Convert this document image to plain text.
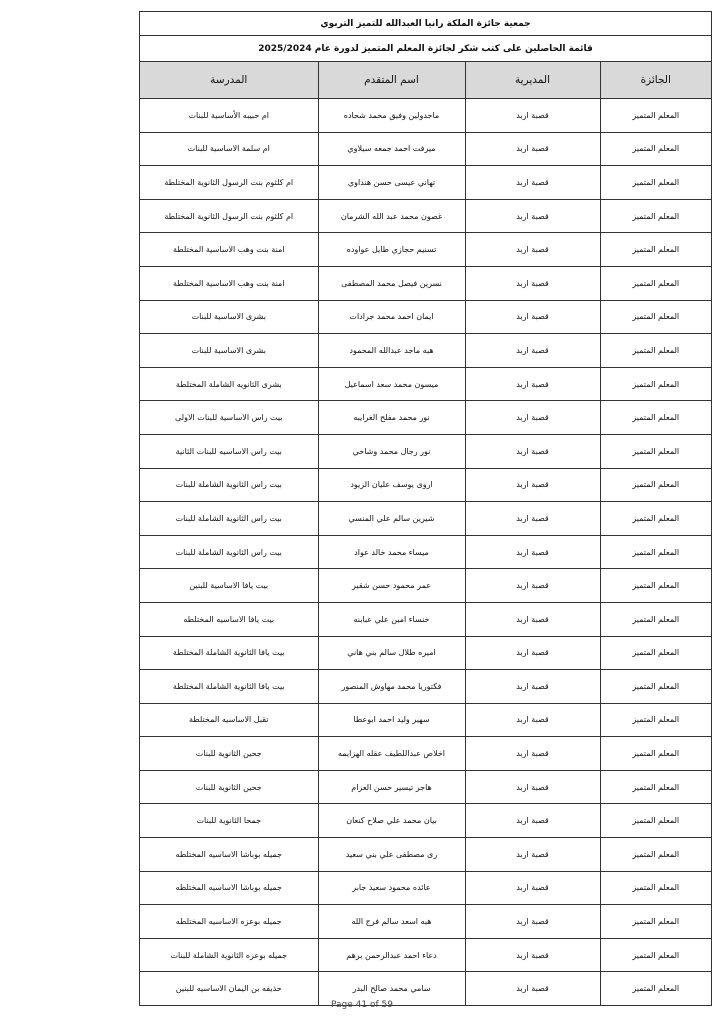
جمعية جائزة الملكة رانيا العبدالله للتميز التربوي
قائمة الحاصلين على كتب شكر لجائزة المعلم المتميز لدورة عام 2025/2024
الجائزة	المديرية	اسم المتقدم	المدرسة
المعلم المتميز	قصبة اربد	ماجدولين وفيق محمد شحاده	ام حبيبه الأساسية للبنات
المعلم المتميز	قصبة اربد	ميرفت احمد جمعه سيلاوي	ام سلمة الاساسية للبنات
المعلم المتميز	قصبة اربد	تهاني عيسى حسن هنداوي	ام كلثوم بنت الرسول الثانوية المختلطة
المعلم المتميز	قصبة اربد	غصون محمد عبد الله الشرمان	ام كلثوم بنت الرسول الثانوية المختلطة
المعلم المتميز	قصبة اربد	تسنيم حجازي طايل عواوده	امنة بنت وهب الاساسية المختلطة
المعلم المتميز	قصبة اربد	نسرين فيصل محمد المصطفى	امنة بنت وهب الاساسية المختلطة
المعلم المتميز	قصبة اربد	ايمان احمد محمد جرادات	بشرى الاساسية للبنات
المعلم المتميز	قصبة اربد	هبه ماجد عبدالله المحمود	بشرى الاساسية للبنات
المعلم المتميز	قصبة اربد	ميسون محمد سعد اسماعيل	بشرى الثانويه الشاملة المختلطة
المعلم المتميز	قصبة اربد	نور محمد مفلح الغرايبه	بيت راس الاساسية للبنات الاولى
المعلم المتميز	قصبة اربد	نور رجال محمد وشاحي	بيت راس الاساسيه للبنات الثانية
المعلم المتميز	قصبة اربد	اروى يوسف عليان الزيود	بيت راس الثانوية الشاملة للبنات
المعلم المتميز	قصبة اربد	شيرين سالم علي المنسي	بيت راس الثانوية الشاملة للبنات
المعلم المتميز	قصبة اربد	ميساء محمد خالد عواد	بيت راس الثانوية الشاملة للبنات
المعلم المتميز	قصبة اربد	عمر محمود حسن شقير	بيت يافا الاساسية للبنين
المعلم المتميز	قصبة اربد	خنساء امين علي عبابنه	بيت يافا الاساسيه المختلطه
المعلم المتميز	قصبة اربد	اميره طلال سالم بني هاني	بيت يافا الثانوية الشاملة المختلطة
المعلم المتميز	قصبة اربد	فكتوريا محمد مهاوش المنصور	بيت يافا الثانوية الشاملة المختلطة
المعلم المتميز	قصبة اربد	سهير وليد احمد ابوعطا	تقبل الاساسيه المختلطة
المعلم المتميز	قصبة اربد	اخلاص عبداللطيف عقله الهزايمه	جحين الثانوية للبنات
المعلم المتميز	قصبة اربد	هاجر تيسير حسن العزام	جحين الثانوية للبنات
المعلم المتميز	قصبة اربد	بيان محمد علي صلاح كنعان	جمحا الثانوية للبنات
المعلم المتميز	قصبة اربد	رى مصطفى علي بني سعيد	جميله بوباشا الاساسيه المختلطه
المعلم المتميز	قصبة اربد	عائده محمود سعيد جابر	جميله بوباشا الاساسيه المختلطه
المعلم المتميز	قصبة اربد	هبه اسعد سالم فرج الله	جميله بوعزه الاساسيه المختلطه
المعلم المتميز	قصبة اربد	دعاء احمد عبدالرحمن برهم	جميله بوعزه الثانوية الشاملة للبنات
المعلم المتميز	قصبة اربد	سامي محمد صالح البدر	حذيفه بن اليمان الاساسيه للبنين
Page 41 of 59
